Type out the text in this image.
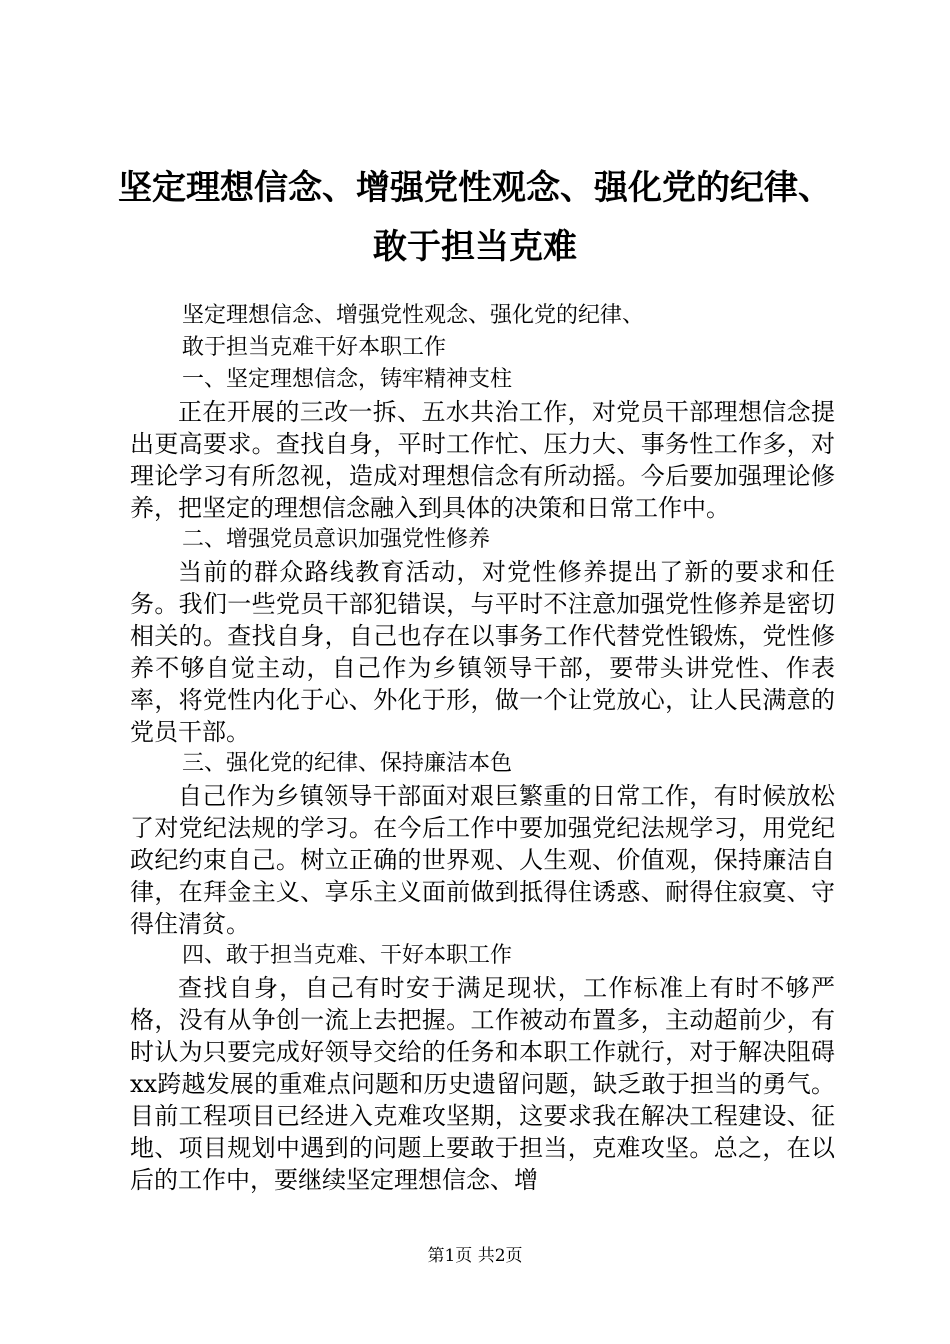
坚定理想信念、增强党性观念、强化党的纪律、
敢于担当克难

坚定理想信念、增强党性观念、强化党的纪律、

敢于担当克难干好本职工作

一、坚定理想信念，铸牢精神支柱

正在开展的三改一拆、五水共治工作，对党员干部理想信念提出更高要求。查找自身，平时工作忙、压力大、事务性工作多，对理论学习有所忽视，造成对理想信念有所动摇。今后要加强理论修养，把坚定的理想信念融入到具体的决策和日常工作中。

二、增强党员意识加强党性修养

当前的群众路线教育活动，对党性修养提出了新的要求和任务。我们一些党员干部犯错误，与平时不注意加强党性修养是密切相关的。查找自身，自己也存在以事务工作代替党性锻炼，党性修养不够自觉主动，自己作为乡镇领导干部，要带头讲党性、作表率，将党性内化于心、外化于形，做一个让党放心，让人民满意的党员干部。

三、强化党的纪律、保持廉洁本色

自己作为乡镇领导干部面对艰巨繁重的日常工作，有时候放松了对党纪法规的学习。在今后工作中要加强党纪法规学习，用党纪政纪约束自己。树立正确的世界观、人生观、价值观，保持廉洁自律，在拜金主义、享乐主义面前做到抵得住诱惑、耐得住寂寞、守得住清贫。

四、敢于担当克难、干好本职工作

查找自身，自己有时安于满足现状，工作标准上有时不够严格，没有从争创一流上去把握。工作被动布置多，主动超前少，有时认为只要完成好领导交给的任务和本职工作就行，对于解决阻碍xx跨越发展的重难点问题和历史遗留问题，缺乏敢于担当的勇气。目前工程项目已经进入克难攻坚期，这要求我在解决工程建设、征地、项目规划中遇到的问题上要敢于担当，克难攻坚。总之，在以后的工作中，要继续坚定理想信念、增

第1页 共2页
